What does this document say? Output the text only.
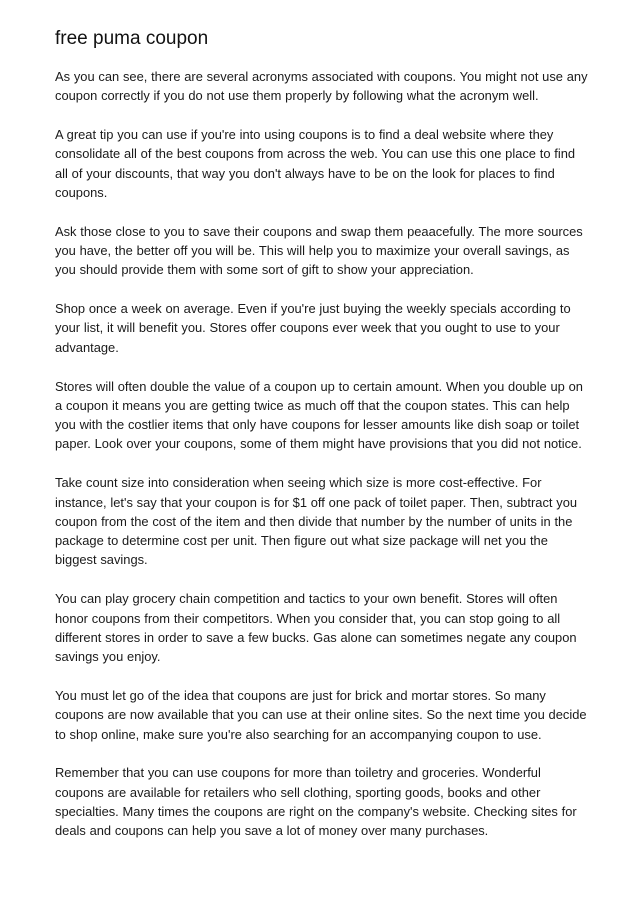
free puma coupon

As you can see, there are several acronyms associated with coupons. You might not use any coupon correctly if you do not use them properly by following what the acronym well.

A great tip you can use if you're into using coupons is to find a deal website where they consolidate all of the best coupons from across the web. You can use this one place to find all of your discounts, that way you don't always have to be on the look for places to find coupons.

Ask those close to you to save their coupons and swap them peaacefully. The more sources you have, the better off you will be. This will help you to maximize your overall savings, as you should provide them with some sort of gift to show your appreciation.

Shop once a week on average. Even if you're just buying the weekly specials according to your list, it will benefit you. Stores offer coupons ever week that you ought to use to your advantage.

Stores will often double the value of a coupon up to certain amount. When you double up on a coupon it means you are getting twice as much off that the coupon states. This can help you with the costlier items that only have coupons for lesser amounts like dish soap or toilet paper. Look over your coupons, some of them might have provisions that you did not notice.

Take count size into consideration when seeing which size is more cost-effective. For instance, let's say that your coupon is for $1 off one pack of toilet paper. Then, subtract you coupon from the cost of the item and then divide that number by the number of units in the package to determine cost per unit. Then figure out what size package will net you the biggest savings.

You can play grocery chain competition and tactics to your own benefit. Stores will often honor coupons from their competitors. When you consider that, you can stop going to all different stores in order to save a few bucks. Gas alone can sometimes negate any coupon savings you enjoy.

You must let go of the idea that coupons are just for brick and mortar stores. So many coupons are now available that you can use at their online sites. So the next time you decide to shop online, make sure you're also searching for an accompanying coupon to use.

Remember that you can use coupons for more than toiletry and groceries. Wonderful coupons are available for retailers who sell clothing, sporting goods, books and other specialties. Many times the coupons are right on the company's website. Checking sites for deals and coupons can help you save a lot of money over many purchases.
